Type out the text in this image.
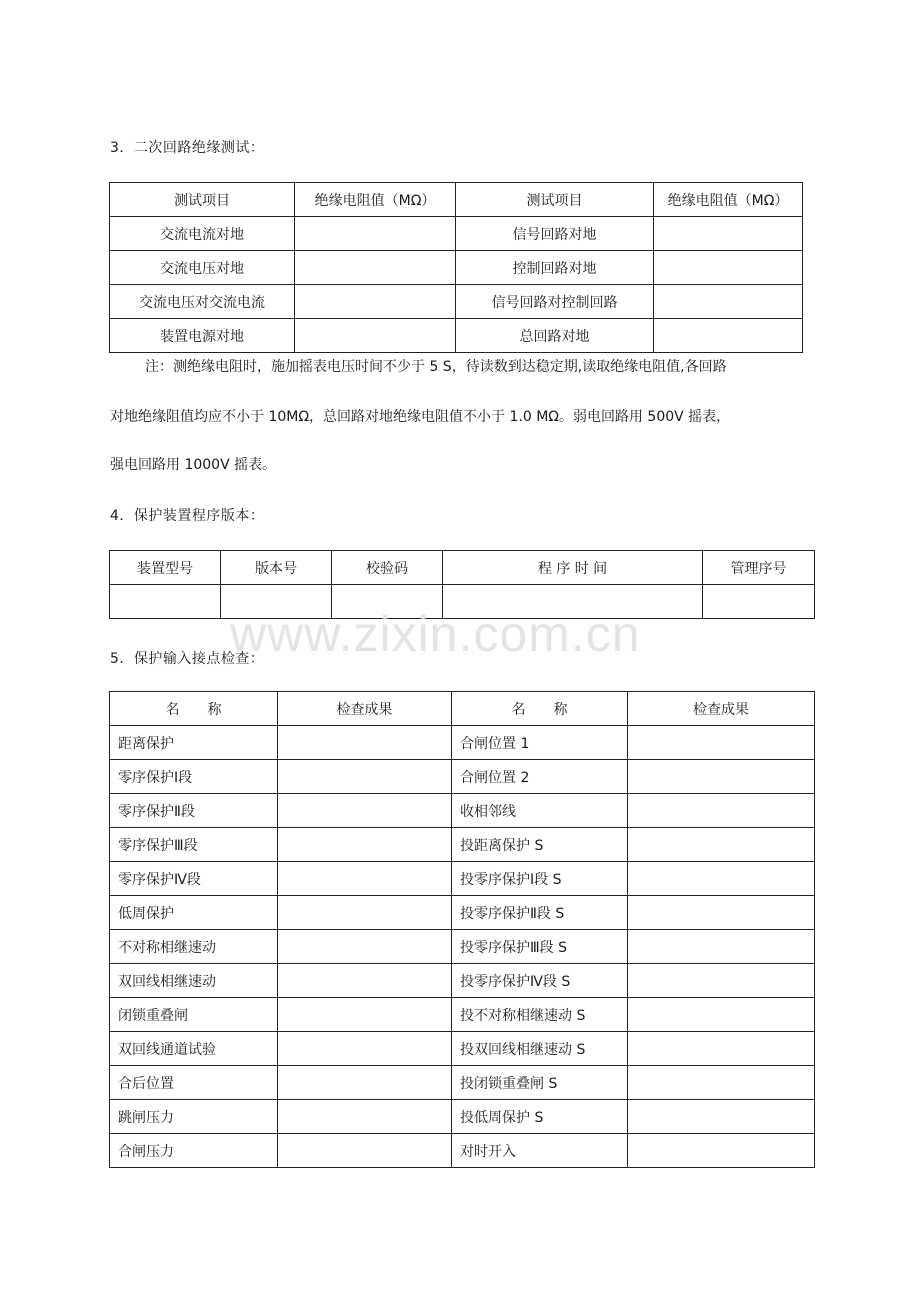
3．二次回路绝缘测试：
测试项目	绝缘电阻值（MΩ）	测试项目	绝缘电阻值（MΩ）
交流电流对地		信号回路对地	
交流电压对地		控制回路对地	
交流电压对交流电流		信号回路对控制回路	
装置电源对地		总回路对地	
注：测绝缘电阻时，施加摇表电压时间不少于 5 S，待读数到达稳定期,读取绝缘电阻值,各回路
对地绝缘阻值均应不小于 10MΩ，总回路对地绝缘电阻值不小于 1.0 MΩ。弱电回路用 500V 摇表，
强电回路用 1000V 摇表。
4．保护装置程序版本：
装置型号	版本号	校验码	程 序 时 间	管理序号

www.zixin.com.cn
5．保护输入接点检查：
名　　称	检查成果	名　　称	检查成果
距离保护		合闸位置 1	
零序保护Ⅰ段		合闸位置 2	
零序保护Ⅱ段		收相邻线	
零序保护Ⅲ段		投距离保护 S	
零序保护Ⅳ段		投零序保护Ⅰ段 S	
低周保护		投零序保护Ⅱ段 S	
不对称相继速动		投零序保护Ⅲ段 S	
双回线相继速动		投零序保护Ⅳ段 S	
闭锁重叠闸		投不对称相继速动 S	
双回线通道试验		投双回线相继速动 S	
合后位置		投闭锁重叠闸 S	
跳闸压力		投低周保护 S	
合闸压力		对时开入	
